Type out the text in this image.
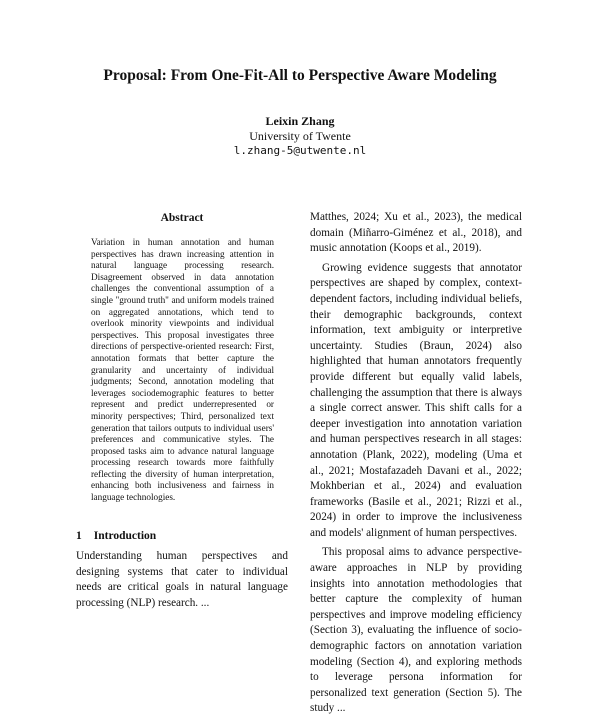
Proposal: From One-Fit-All to Perspective Aware Modeling
Leixin Zhang
University of Twente
l.zhang-5@utwente.nl
Abstract

Variation in human annotation and human perspectives has drawn increasing attention in natural language processing research. Disagreement observed in data annotation challenges the conventional assumption of a single "ground truth" and uniform models trained on aggregated annotations, which tend to overlook minority viewpoints and individual perspectives. This proposal investigates three directions of perspective-oriented research: First, annotation formats that better capture the granularity and uncertainty of individual judgments; Second, annotation modeling that leverages sociodemographic features to better represent and predict underrepresented or minority perspectives; Third, personalized text generation that tailors outputs to individual users' preferences and communicative styles. The proposed tasks aim to advance natural language processing research towards more faithfully reflecting the diversity of human interpretation, enhancing both inclusiveness and fairness in language technologies.

1 Introduction

Understanding human perspectives and designing systems that cater to individual needs are critical goals in natural language processing (NLP) research. ...

Matthes, 2024; Xu et al., 2023), the medical domain (Miñarro-Giménez et al., 2018), and music annotation (Koops et al., 2019).

Growing evidence suggests that annotator perspectives are shaped by complex, context-dependent factors, including individual beliefs, their demographic backgrounds, context information, text ambiguity or interpretive uncertainty. Studies (Braun, 2024) also highlighted that human annotators frequently provide different but equally valid labels, challenging the assumption that there is always a single correct answer. This shift calls for a deeper investigation into annotation variation and human perspectives research in all stages: annotation (Plank, 2022), modeling (Uma et al., 2021; Mostafazadeh Davani et al., 2022; Mokhberian et al., 2024) and evaluation frameworks (Basile et al., 2021; Rizzi et al., 2024) in order to improve the inclusiveness and models' alignment of human perspectives.

This proposal aims to advance perspective-aware approaches in NLP by providing insights into annotation methodologies that better capture the complexity of human perspectives and improve modeling efficiency (Section 3), evaluating the influence of socio-demographic factors on annotation variation modeling (Section 4), and exploring methods to leverage persona information for personalized text generation (Section 5). The study ...
